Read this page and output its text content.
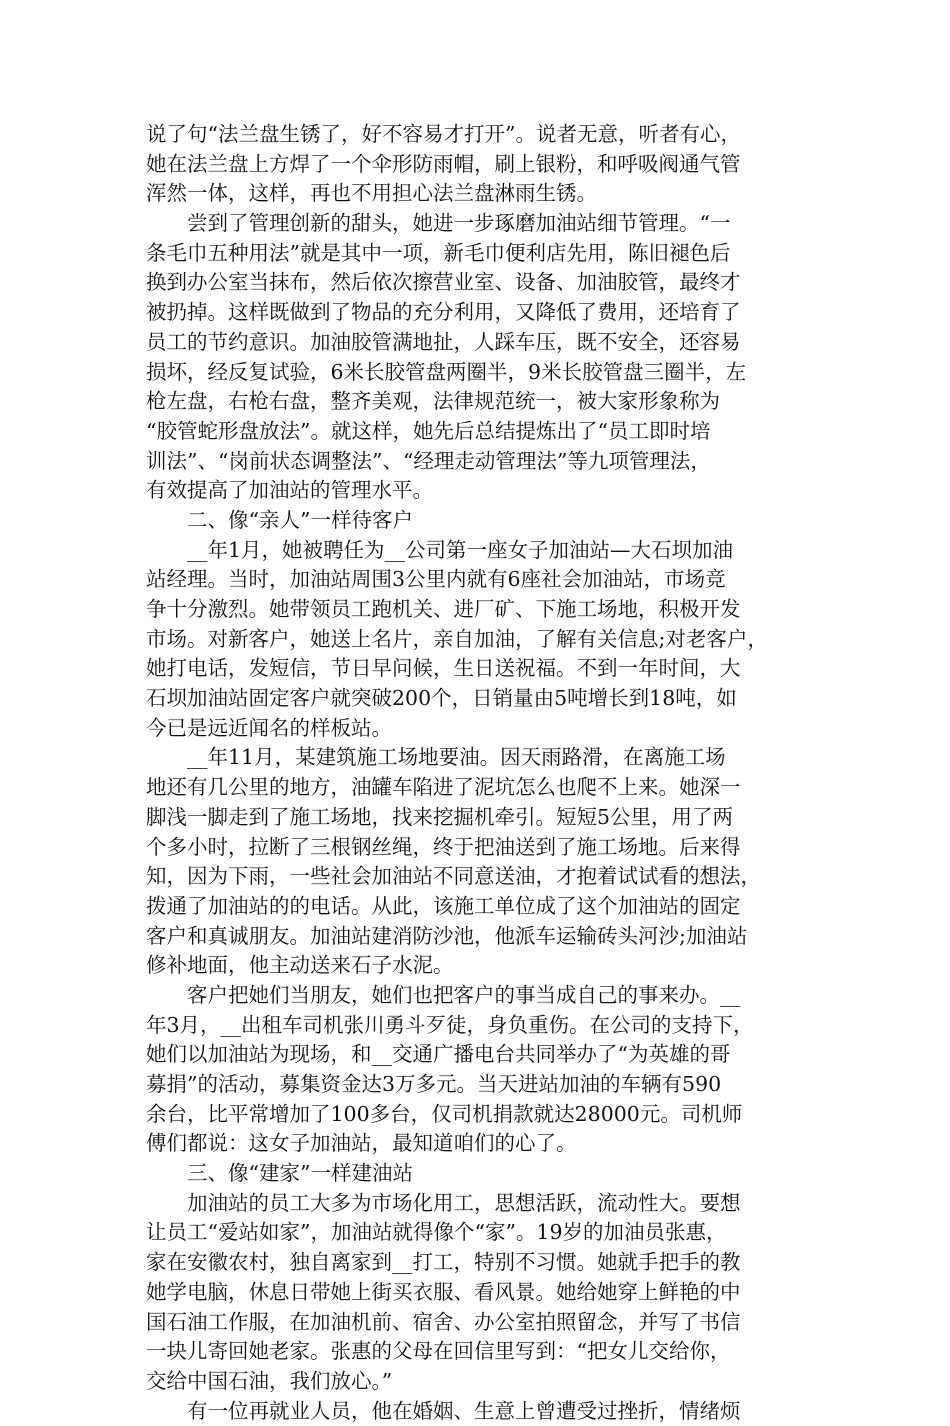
说了句“法兰盘生锈了，好不容易才打开”。说者无意，听者有心，
她在法兰盘上方焊了一个伞形防雨帽，刷上银粉，和呼吸阀通气管
浑然一体，这样，再也不用担心法兰盘淋雨生锈。
尝到了管理创新的甜头，她进一步琢磨加油站细节管理。“一
条毛巾五种用法”就是其中一项，新毛巾便利店先用，陈旧褪色后
换到办公室当抹布，然后依次擦营业室、设备、加油胶管，最终才
被扔掉。这样既做到了物品的充分利用，又降低了费用，还培育了
员工的节约意识。加油胶管满地扯，人踩车压，既不安全，还容易
损坏，经反复试验，6米长胶管盘两圈半，9米长胶管盘三圈半，左
枪左盘，右枪右盘，整齐美观，法律规范统一，被大家形象称为
“胶管蛇形盘放法”。就这样，她先后总结提炼出了“员工即时培
训法”、“岗前状态调整法”、“经理走动管理法”等九项管理法，
有效提高了加油站的管理水平。
二、像“亲人”一样待客户
__年1月，她被聘任为__公司第一座女子加油站—大石坝加油
站经理。当时，加油站周围3公里内就有6座社会加油站，市场竞
争十分激烈。她带领员工跑机关、进厂矿、下施工场地，积极开发
市场。对新客户，她送上名片，亲自加油，了解有关信息;对老客户，
她打电话，发短信，节日早问候，生日送祝福。不到一年时间，大
石坝加油站固定客户就突破200个，日销量由5吨增长到18吨，如
今已是远近闻名的样板站。
__年11月，某建筑施工场地要油。因天雨路滑，在离施工场
地还有几公里的地方，油罐车陷进了泥坑怎么也爬不上来。她深一
脚浅一脚走到了施工场地，找来挖掘机牵引。短短5公里，用了两
个多小时，拉断了三根钢丝绳，终于把油送到了施工场地。后来得
知，因为下雨，一些社会加油站不同意送油，才抱着试试看的想法，
拨通了加油站的的电话。从此，该施工单位成了这个加油站的固定
客户和真诚朋友。加油站建消防沙池，他派车运输砖头河沙;加油站
修补地面，他主动送来石子水泥。
客户把她们当朋友，她们也把客户的事当成自己的事来办。__
年3月，__出租车司机张川勇斗歹徒，身负重伤。在公司的支持下，
她们以加油站为现场，和__交通广播电台共同举办了“为英雄的哥
募捐”的活动，募集资金达3万多元。当天进站加油的车辆有590
余台，比平常增加了100多台，仅司机捐款就达28000元。司机师
傅们都说：这女子加油站，最知道咱们的心了。
三、像“建家”一样建油站
加油站的员工大多为市场化用工，思想活跃，流动性大。要想
让员工“爱站如家”，加油站就得像个“家”。19岁的加油员张惠，
家在安徽农村，独自离家到__打工，特别不习惯。她就手把手的教
她学电脑，休息日带她上街买衣服、看风景。她给她穿上鲜艳的中
国石油工作服，在加油机前、宿舍、办公室拍照留念，并写了书信
一块儿寄回她老家。张惠的父母在回信里写到：“把女儿交给你，
交给中国石油，我们放心。”
有一位再就业人员，他在婚姻、生意上曾遭受过挫折，情绪烦
